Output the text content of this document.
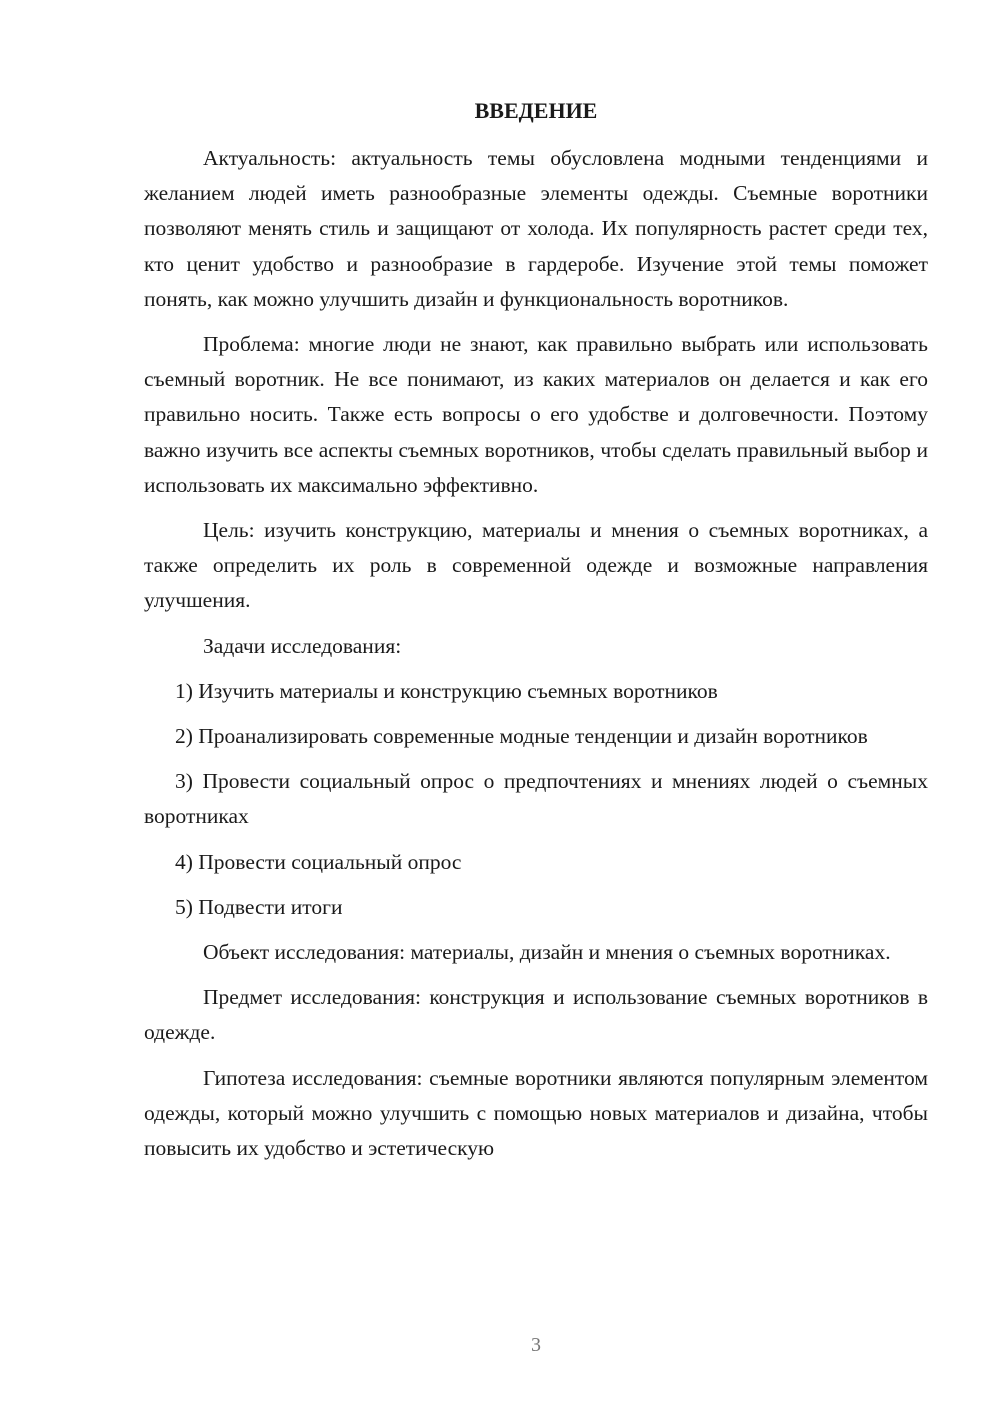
ВВЕДЕНИЕ

Актуальность: актуальность темы обусловлена модными тенденциями и желанием людей иметь разнообразные элементы одежды. Съемные воротники позволяют менять стиль и защищают от холода. Их популярность растет среди тех, кто ценит удобство и разнообразие в гардеробе. Изучение этой темы поможет понять, как можно улучшить дизайн и функциональность воротников.

Проблема: многие люди не знают, как правильно выбрать или использовать съемный воротник. Не все понимают, из каких материалов он делается и как его правильно носить. Также есть вопросы о его удобстве и долговечности. Поэтому важно изучить все аспекты съемных воротников, чтобы сделать правильный выбор и использовать их максимально эффективно.

Цель: изучить конструкцию, материалы и мнения о съемных воротниках, а также определить их роль в современной одежде и возможные направления улучшения.

Задачи исследования:

1) Изучить материалы и конструкцию съемных воротников

2) Проанализировать современные модные тенденции и дизайн воротников

3) Провести социальный опрос о предпочтениях и мнениях людей о съемных воротниках

4) Провести социальный опрос

5) Подвести итоги

Объект исследования: материалы, дизайн и мнения о съемных воротниках.

Предмет исследования: конструкция и использование съемных воротников в одежде.

Гипотеза исследования: съемные воротники являются популярным элементом одежды, который можно улучшить с помощью новых материалов и дизайна, чтобы повысить их удобство и эстетическую

3
